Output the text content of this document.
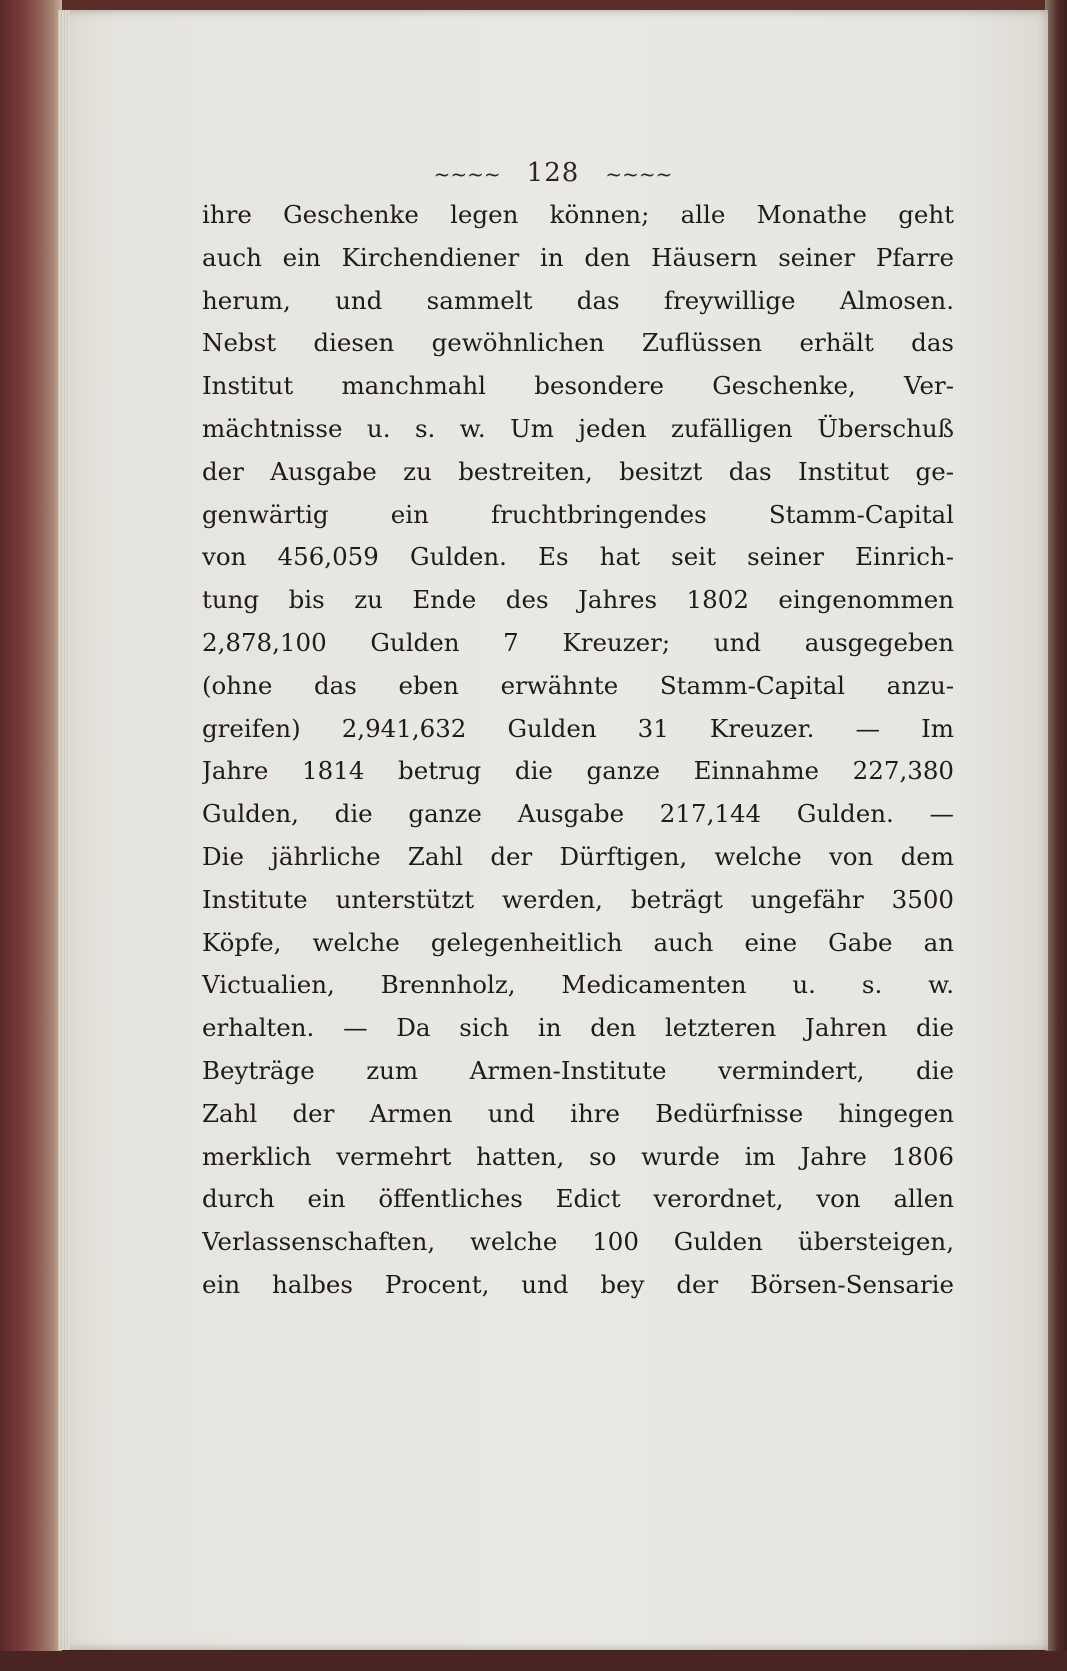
~~~~ 128 ~~~~
ihre Geschenke legen können; alle Monathe geht
auch ein Kirchendiener in den Häusern seiner Pfarre
herum, und sammelt das freywillige Almosen.
Nebst diesen gewöhnlichen Zuflüssen erhält das
Institut manchmahl besondere Geschenke, Ver-
mächtnisse u. s. w. Um jeden zufälligen Überschuß
der Ausgabe zu bestreiten, besitzt das Institut ge-
genwärtig ein fruchtbringendes Stamm-Capital
von 456,059 Gulden. Es hat seit seiner Einrich-
tung bis zu Ende des Jahres 1802 eingenommen
2,878,100 Gulden 7 Kreuzer; und ausgegeben
(ohne das eben erwähnte Stamm-Capital anzu-
greifen) 2,941,632 Gulden 31 Kreuzer. — Im
Jahre 1814 betrug die ganze Einnahme 227,380
Gulden, die ganze Ausgabe 217,144 Gulden. —
Die jährliche Zahl der Dürftigen, welche von dem
Institute unterstützt werden, beträgt ungefähr 3500
Köpfe, welche gelegenheitlich auch eine Gabe an
Victualien, Brennholz, Medicamenten u. s. w.
erhalten. — Da sich in den letzteren Jahren die
Beyträge zum Armen-Institute vermindert, die
Zahl der Armen und ihre Bedürfnisse hingegen
merklich vermehrt hatten, so wurde im Jahre 1806
durch ein öffentliches Edict verordnet, von allen
Verlassenschaften, welche 100 Gulden übersteigen,
ein halbes Procent, und bey der Börsen-Sensarie
